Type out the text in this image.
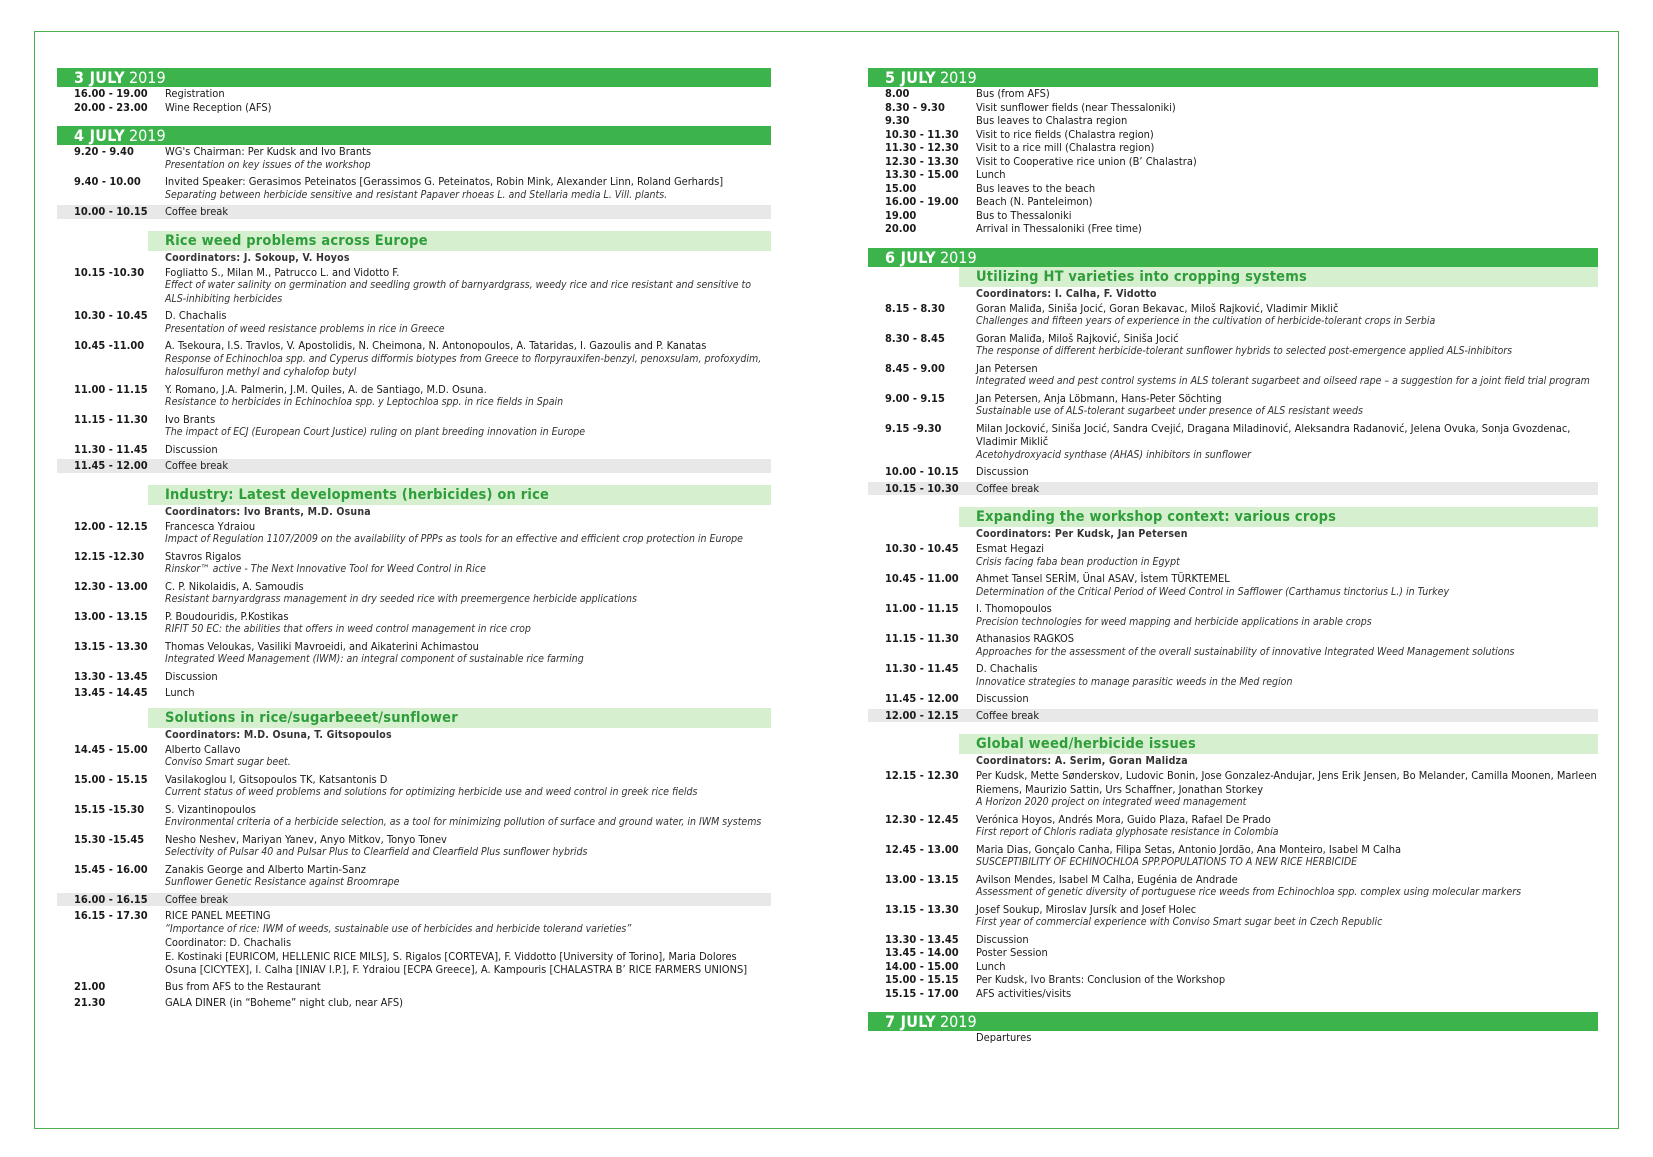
3 JULY 2019
16.00 - 19.00	Registration
20.00 - 23.00	Wine Reception (AFS)
4 JULY 2019
9.20 - 9.40	WG's Chairman: Per Kudsk and Ivo Brants
Presentation on key issues of the workshop
9.40 - 10.00	Invited Speaker: Gerasimos Peteinatos [Gerassimos G. Peteinatos, Robin Mink, Alexander Linn, Roland Gerhards]
Separating between herbicide sensitive and resistant Papaver rhoeas L. and Stellaria media L. Vill. plants.
10.00 - 10.15	Coffee break
Rice weed problems across Europe
Coordinators: J. Sokoup, V. Hoyos
10.15 -10.30	Fogliatto S., Milan M., Patrucco L. and Vidotto F.
Effect of water salinity on germination and seedling growth of barnyardgrass, weedy rice and rice resistant and sensitive to ALS-inhibiting herbicides
10.30 - 10.45	D. Chachalis
Presentation of weed resistance problems in rice in Greece
10.45 -11.00	A. Tsekoura, I.S. Travlos, V. Apostolidis, N. Cheimona, N. Antonopoulos, A. Tataridas, I. Gazoulis and P. Kanatas
Response of Echinochloa spp. and Cyperus difformis biotypes from Greece to florpyrauxifen-benzyl, penoxsulam, profoxydim, halosulfuron methyl and cyhalofop butyl
11.00 - 11.15	Y. Romano, J.A. Palmerin, J.M. Quiles, A. de Santiago, M.D. Osuna.
Resistance to herbicides in Echinochloa spp. y Leptochloa spp. in rice fields in Spain
11.15 - 11.30	Ivo Brants
The impact of ECJ (European Court Justice) ruling on plant breeding innovation in Europe
11.30 - 11.45	Discussion
11.45 - 12.00	Coffee break
Industry: Latest developments (herbicides) on rice
Coordinators: Ivo Brants, M.D. Osuna
12.00 - 12.15	Francesca Ydraiou
Impact of Regulation 1107/2009 on the availability of PPPs as tools for an effective and efficient crop protection in Europe
12.15 -12.30	Stavros Rigalos
Rinskor™ active - The Next Innovative Tool for Weed Control in Rice
12.30 - 13.00	C. P. Nikolaidis, A. Samoudis
Resistant barnyardgrass management in dry seeded rice with preemergence herbicide applications
13.00 - 13.15	P. Boudouridis, P.Kostikas
RIFIT 50 EC: the abilities that offers in weed control management in rice crop
13.15 - 13.30	Thomas Veloukas, Vasiliki Mavroeidi, and Aikaterini Achimastou
Integrated Weed Management (IWM): an integral component of sustainable rice farming
13.30 - 13.45	Discussion
13.45 - 14.45	Lunch
Solutions in rice/sugarbeeet/sunflower
Coordinators: M.D. Osuna, T. Gitsopoulos
14.45 - 15.00	Alberto Callavo
Conviso Smart sugar beet.
15.00 - 15.15	Vasilakoglou I, Gitsopoulos TK, Katsantonis D
Current status of weed problems and solutions for optimizing herbicide use and weed control in greek rice fields
15.15 -15.30	S. Vizantinopoulos
Environmental criteria of a herbicide selection, as a tool for minimizing pollution of surface and ground water, in IWM systems
15.30 -15.45	Nesho Neshev, Mariyan Yanev, Anyo Mitkov, Tonyo Tonev
Selectivity of Pulsar 40 and Pulsar Plus to Clearfield and Clearfield Plus sunflower hybrids
15.45 - 16.00	Zanakis George and Alberto Martin-Sanz
Sunflower Genetic Resistance against Broomrape
16.00 - 16.15	Coffee break
16.15 - 17.30	RICE PANEL MEETING
“Importance of rice: IWM of weeds, sustainable use of herbicides and herbicide tolerand varieties”
Coordinator: D. Chachalis
E. Kostinaki [EURICOM, HELLENIC RICE MILS], S. Rigalos [CORTEVA], F. Viddotto [University of Torino], Maria Dolores Osuna [CICYTEX], I. Calha [INIAV I.P.], F. Ydraiou [ECPA Greece], A. Kampouris [CHALASTRA B’ RICE FARMERS UNIONS]
21.00	Bus from AFS to the Restaurant
21.30	GALA DINER (in “Boheme” night club, near AFS)
5 JULY 2019
8.00	Bus (from AFS)
8.30 - 9.30	Visit sunflower fields (near Thessaloniki)
9.30	Bus leaves to Chalastra region
10.30 - 11.30	Visit to rice fields (Chalastra region)
11.30 - 12.30	Visit to a rice mill (Chalastra region)
12.30 - 13.30	Visit to Cooperative rice union (B’ Chalastra)
13.30 - 15.00	Lunch
15.00	Bus leaves to the beach
16.00 - 19.00	Beach (N. Panteleimon)
19.00	Bus to Thessaloniki
20.00	Arrival in Thessaloniki (Free time)
6 JULY 2019
Utilizing HT varieties into cropping systems
Coordinators: I. Calha, F. Vidotto
8.15 - 8.30	Goran Maliđa, Siniša Jocić, Goran Bekavac, Miloš Rajković, Vladimir Miklič
Challenges and fifteen years of experience in the cultivation of herbicide-tolerant crops in Serbia
8.30 - 8.45	Goran Maliđa, Miloš Rajković, Siniša Jocić
The response of different herbicide-tolerant sunflower hybrids to selected post-emergence applied ALS-inhibitors
8.45 - 9.00	Jan Petersen
Integrated weed and pest control systems in ALS tolerant sugarbeet and oilseed rape – a suggestion for a joint field trial program
9.00 - 9.15	Jan Petersen, Anja Löbmann, Hans-Peter Söchting
Sustainable use of ALS-tolerant sugarbeet under presence of ALS resistant weeds
9.15 -9.30	Milan Jocković, Siniša Jocić, Sandra Cvejić, Dragana Miladinović, Aleksandra Radanović, Jelena Ovuka, Sonja Gvozdenac, Vladimir Miklič
Acetohydroxyacid synthase (AHAS) inhibitors in sunflower
10.00 - 10.15	Discussion
10.15 - 10.30	Coffee break
Expanding the workshop context: various crops
Coordinators: Per Kudsk, Jan Petersen
10.30 - 10.45	Esmat Hegazi
Crisis facing faba bean production in Egypt
10.45 - 11.00	Ahmet Tansel SERİM, Ünal ASAV, İstem TÜRKTEMEL
Determination of the Critical Period of Weed Control in Safflower (Carthamus tinctorius L.) in Turkey
11.00 - 11.15	I. Thomopoulos
Precision technologies for weed mapping and herbicide applications in arable crops
11.15 - 11.30	Athanasios RAGKOS
Approaches for the assessment of the overall sustainability of innovative Integrated Weed Management solutions
11.30 - 11.45	D. Chachalis
Innovatice strategies to manage parasitic weeds in the Med region
11.45 - 12.00	Discussion
12.00 - 12.15	Coffee break
Global weed/herbicide issues
Coordinators: A. Serim, Goran Malidza
12.15 - 12.30	Per Kudsk, Mette Sønderskov, Ludovic Bonin, Jose Gonzalez-Andujar, Jens Erik Jensen, Bo Melander, Camilla Moonen, Marleen Riemens, Maurizio Sattin, Urs Schaffner, Jonathan Storkey
A Horizon 2020 project on integrated weed management
12.30 - 12.45	Verónica Hoyos, Andrés Mora, Guido Plaza, Rafael De Prado
First report of Chloris radiata glyphosate resistance in Colombia
12.45 - 13.00	Maria Dias, Gonçalo Canha, Filipa Setas, Antonio Jordão, Ana Monteiro, Isabel M Calha
SUSCEPTIBILITY OF ECHINOCHLOA SPP.POPULATIONS TO A NEW RICE HERBICIDE
13.00 - 13.15	Avilson Mendes, Isabel M Calha, Eugénia de Andrade
Assessment of genetic diversity of portuguese rice weeds from Echinochloa spp. complex using molecular markers
13.15 - 13.30	Josef Soukup, Miroslav Jursík and Josef Holec
First year of commercial experience with Conviso Smart sugar beet in Czech Republic
13.30 - 13.45	Discussion
13.45 - 14.00	Poster Session
14.00 - 15.00	Lunch
15.00 - 15.15	Per Kudsk, Ivo Brants: Conclusion of the Workshop
15.15 - 17.00	AFS activities/visits
7 JULY 2019
Departures
